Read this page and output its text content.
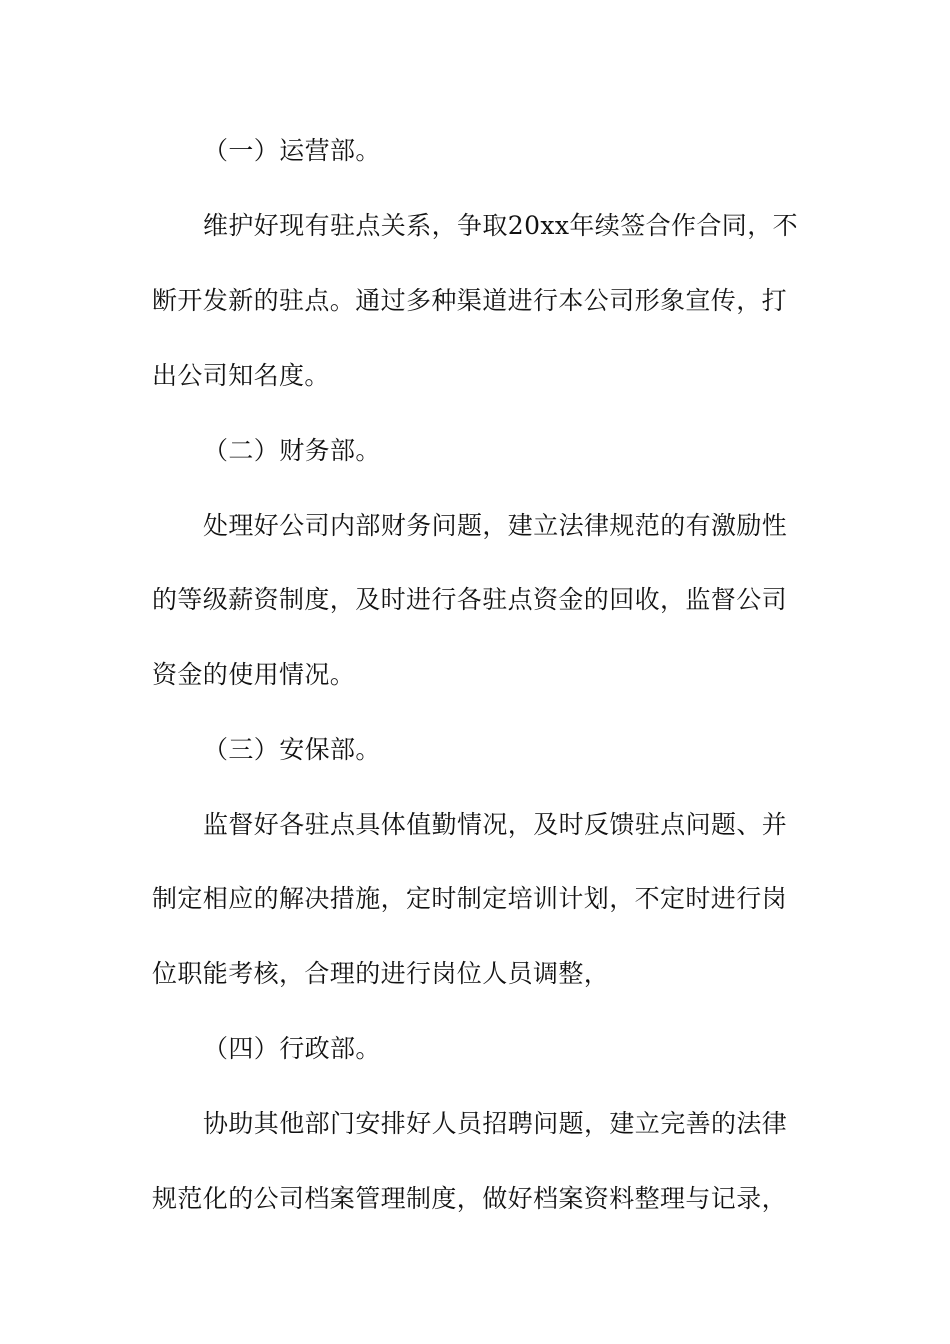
（一）运营部。
维护好现有驻点关系，争取20xx年续签合作合同，不
断开发新的驻点。通过多种渠道进行本公司形象宣传，打
出公司知名度。
（二）财务部。
处理好公司内部财务问题，建立法律规范的有激励性
的等级薪资制度，及时进行各驻点资金的回收，监督公司
资金的使用情况。
（三）安保部。
监督好各驻点具体值勤情况，及时反馈驻点问题、并
制定相应的解决措施，定时制定培训计划，不定时进行岗
位职能考核，合理的进行岗位人员调整，
（四）行政部。
协助其他部门安排好人员招聘问题，建立完善的法律
规范化的公司档案管理制度，做好档案资料整理与记录，
